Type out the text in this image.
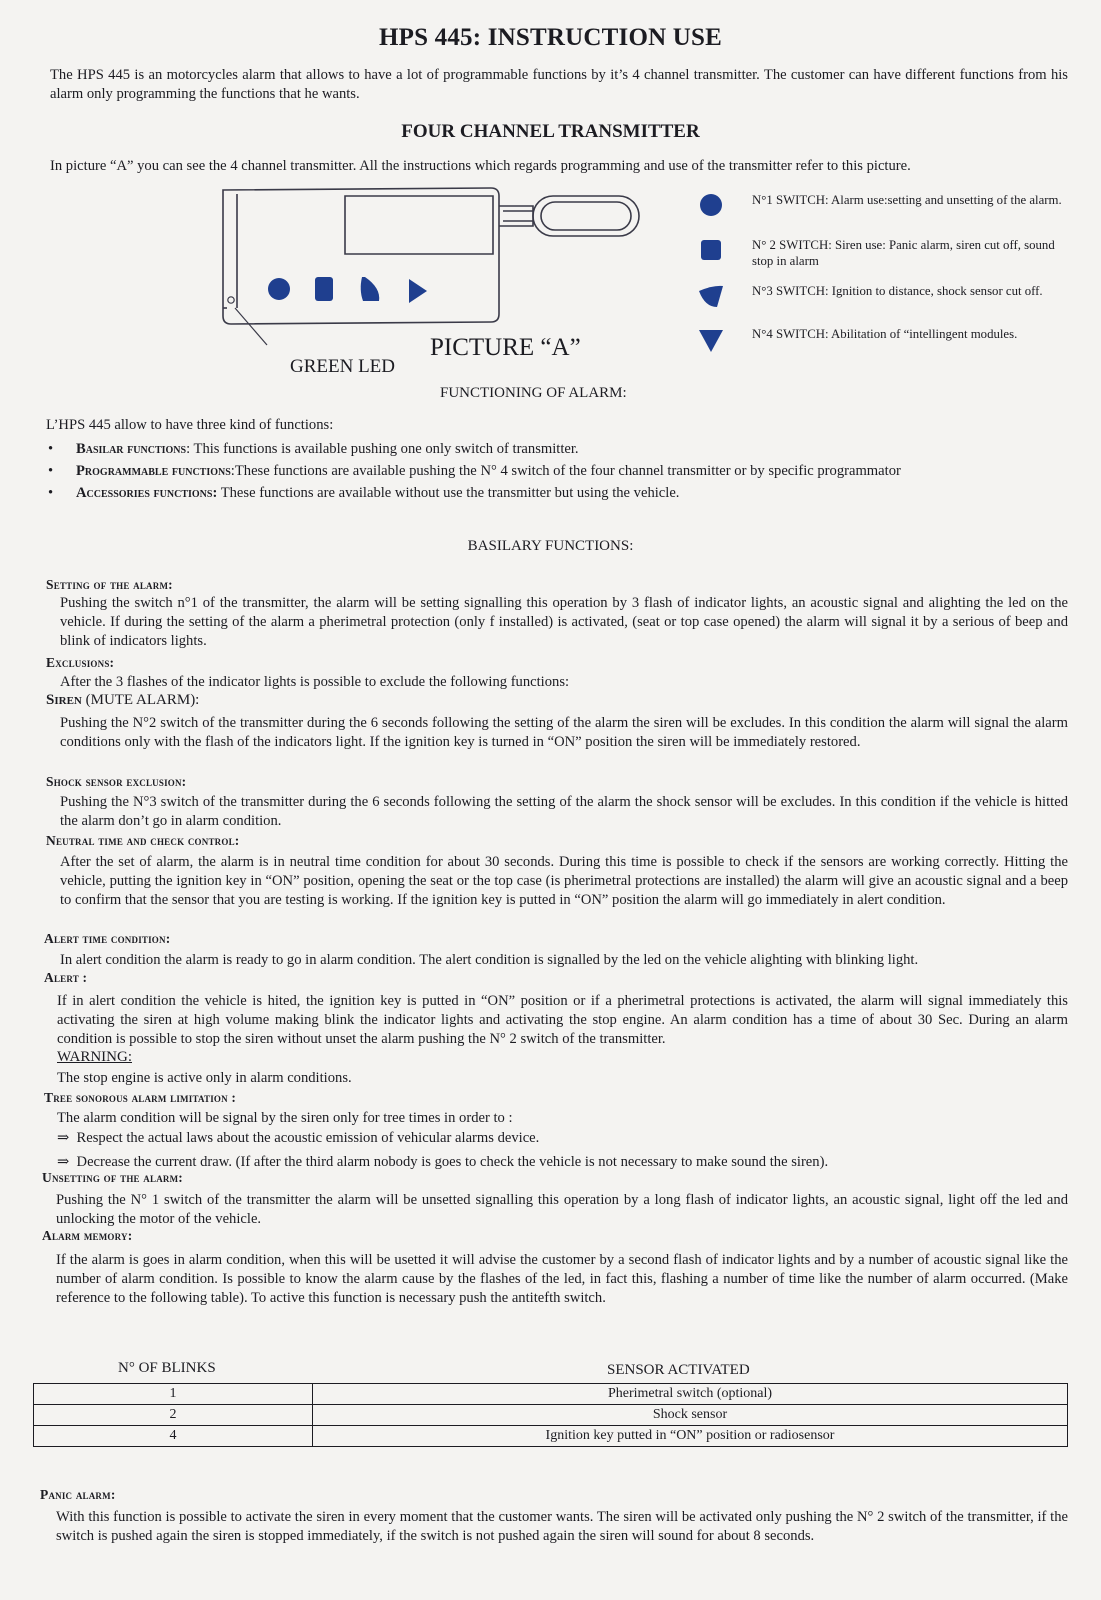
HPS 445: INSTRUCTION USE
The HPS 445 is an motorcycles alarm that allows to have a lot of programmable functions by it’s 4 channel transmitter. The customer can have different functions from his alarm only programming the functions that he wants.
FOUR CHANNEL TRANSMITTER
In picture “A” you can see the 4 channel transmitter. All the instructions which regards programming and use of the transmitter refer to this picture.
GREEN LED
PICTURE “A”
N°1 SWITCH: Alarm use:setting and unsetting of the alarm.
N° 2 SWITCH: Siren use: Panic alarm, siren cut off, sound stop in alarm
N°3 SWITCH: Ignition to distance, shock sensor cut off.
N°4 SWITCH: Abilitation of “intellingent modules.
FUNCTIONING OF ALARM:
L’HPS 445 allow to have three kind of functions:
• Basilar functions: This functions is available pushing one only switch of transmitter.
• Programmable functions:These functions are available pushing the N° 4 switch of the four channel transmitter or by specific programmator
• Accessories functions: These functions are available without use the transmitter but using the vehicle.
BASILARY FUNCTIONS:
Setting of the alarm:
Pushing the switch n°1 of the transmitter, the alarm will be setting signalling this operation by 3 flash of indicator lights, an acoustic signal and alighting the led on the vehicle. If during the setting of the alarm a pherimetral protection (only f installed) is activated, (seat or top case opened) the alarm will signal it by a serious of beep and blink of indicators lights.
Exclusions:
After the 3 flashes of the indicator lights is possible to exclude the following functions:
Siren (MUTE ALARM):
Pushing the N°2 switch of the transmitter during the 6 seconds following the setting of the alarm the siren will be excludes. In this condition the alarm will signal the alarm conditions only with the flash of the indicators light. If the ignition key is turned in “ON” position the siren will be immediately restored.
Shock sensor exclusion:
Pushing the N°3 switch of the transmitter during the 6 seconds following the setting of the alarm the shock sensor will be excludes. In this condition if the vehicle is hitted the alarm don’t go in alarm condition.
Neutral time and check control:
After the set of alarm, the alarm is in neutral time condition for about 30 seconds. During this time is possible to check if the sensors are working correctly. Hitting the vehicle, putting the ignition key in “ON” position, opening the seat or the top case (is pherimetral protections are installed) the alarm will give an acoustic signal and a beep to confirm that the sensor that you are testing is working. If the ignition key is putted in “ON” position the alarm will go immediately in alert condition.
Alert time condition:
In alert condition the alarm is ready to go in alarm condition. The alert condition is signalled by the led on the vehicle alighting with blinking light.
Alert :
If in alert condition the vehicle is hited, the ignition key is putted in “ON” position or if a pherimetral protections is activated, the alarm will signal immediately this activating the siren at high volume making blink the indicator lights and activating the stop engine. An alarm condition has a time of about 30 Sec. During an alarm condition is possible to stop the siren without unset the alarm pushing the N° 2 switch of the transmitter.
WARNING:
The stop engine is active only in alarm conditions.
Tree sonorous alarm limitation :
The alarm condition will be signal by the siren only for tree times in order to :
⇒ Respect the actual laws about the acoustic emission of vehicular alarms device.
⇒ Decrease the current draw. (If after the third alarm nobody is goes to check the vehicle is not necessary to make sound the siren).
Unsetting of the alarm:
Pushing the N° 1 switch of the transmitter the alarm will be unsetted signalling this operation by a long flash of indicator lights, an acoustic signal, light off the led and unlocking the motor of the vehicle.
Alarm memory:
If the alarm is goes in alarm condition, when this will be usetted it will advise the customer by a second flash of indicator lights and by a number of acoustic signal like the number of alarm condition. Is possible to know the alarm cause by the flashes of the led, in fact this, flashing a number of time like the number of alarm occurred. (Make reference to the following table). To active this function is necessary push the antitefth switch.
N° OF BLINKS	SENSOR ACTIVATED
1	Pherimetral switch (optional)
2	Shock sensor
4	Ignition key putted in “ON” position or radiosensor
Panic alarm:
With this function is possible to activate the siren in every moment that the customer wants. The siren will be activated only pushing the N° 2 switch of the transmitter, if the switch is pushed again the siren is stopped immediately, if the switch is not pushed again the siren will sound for about 8 seconds.
